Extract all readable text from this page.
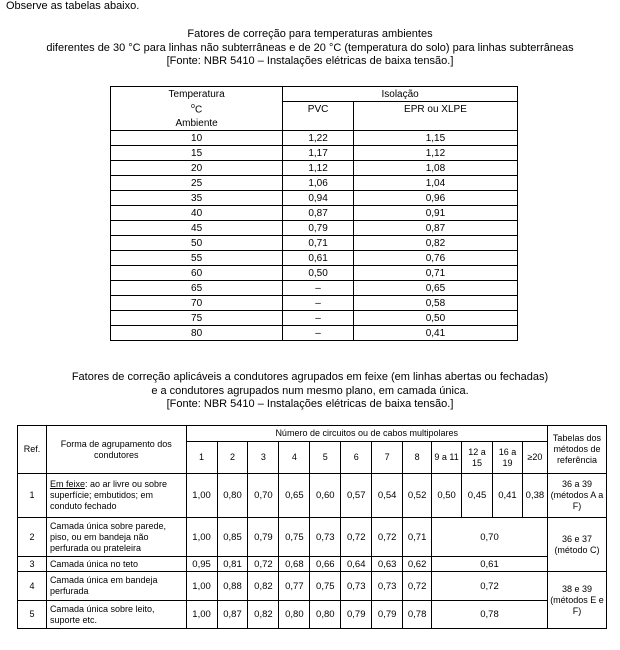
Observe as tabelas abaixo.
Fatores de correção para temperaturas ambientes
diferentes de 30 °C para linhas não subterrâneas e de 20 °C (temperatura do solo) para linhas subterrâneas
[Fonte: NBR 5410 – Instalações elétricas de baixa tensão.]
Temperatura	Isolação	
$^o$C	PVC	EPR ou XLPE
Ambiente		
10	1,22	1,15
15	1,17	1,12
20	1,12	1,08
25	1,06	1,04
35	0,94	0,96
40	0,87	0,91
45	0,79	0,87
50	0,71	0,82
55	0,61	0,76
60	0,50	0,71
65	–	0,65
70	–	0,58
75	–	0,50
80	–	0,41
Fatores de correção aplicáveis a condutores agrupados em feixe (em linhas abertas ou fechadas)
e a condutores agrupados num mesmo plano, em camada única.
[Fonte: NBR 5410 – Instalações elétricas de baixa tensão.]
Ref.	Forma de agrupamento dos condutores	Número de circuitos ou de cabos multipolares												Tabelas dos métodos de referência
		1	2	3	4	5	6	7	8	9 a 11	12 a 15	16 a 19	≥20	
1	Em feixe: ao ar livre ou sobre superfície; embutidos; em conduto fechado	1,00	0,80	0,70	0,65	0,60	0,57	0,54	0,52	0,50	0,45	0,41	0,38	36 a 39 (métodos A a F)
2	Camada única sobre parede, piso, ou em bandeja não perfurada ou prateleira	1,00	0,85	0,79	0,75	0,73	0,72	0,72	0,71	0,70				36 e 37 (método C)
3	Camada única no teto	0,95	0,81	0,72	0,68	0,66	0,64	0,63	0,62	0,61				
4	Camada única em bandeja perfurada	1,00	0,88	0,82	0,77	0,75	0,73	0,73	0,72	0,72				38 e 39 (métodos E e F)
5	Camada única sobre leito, suporte etc.	1,00	0,87	0,82	0,80	0,80	0,79	0,79	0,78	0,78				
